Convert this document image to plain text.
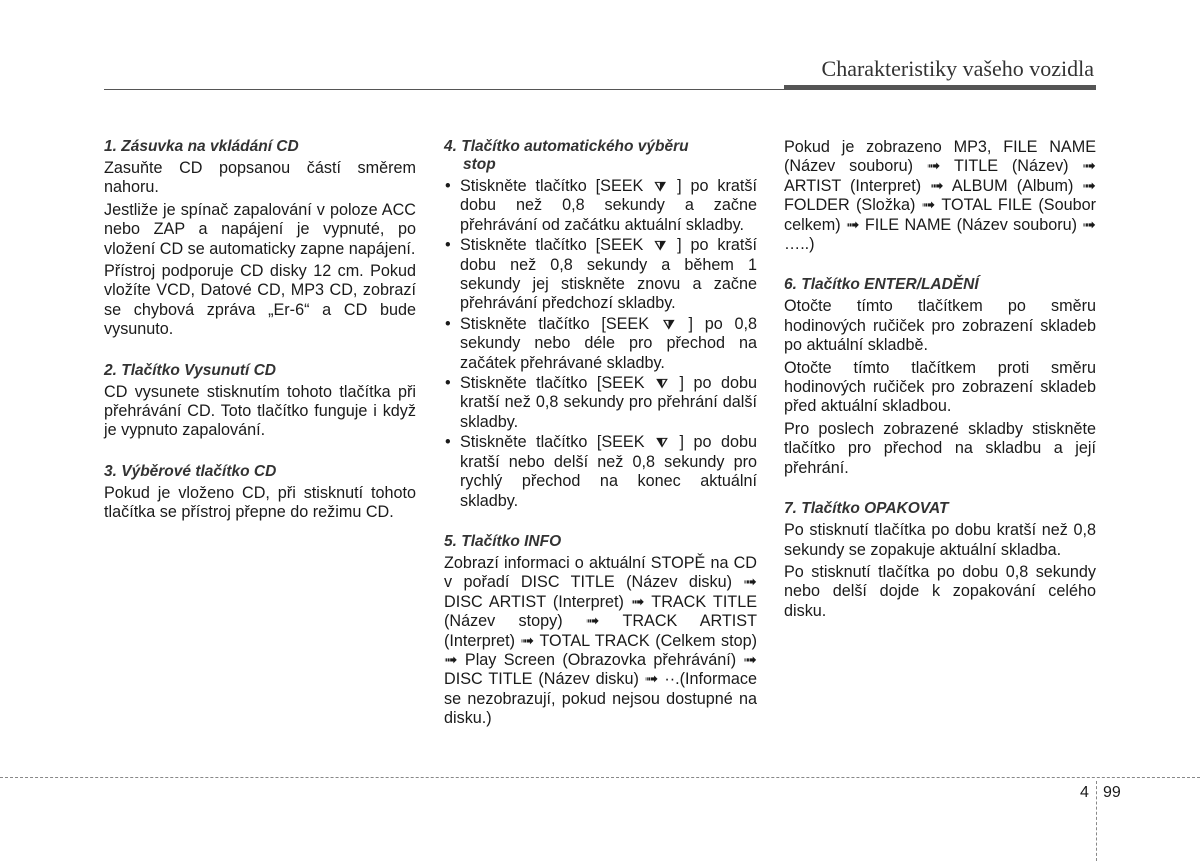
Charakteristiky vašeho vozidla
1. Zásuvka na vkládání CD

Zasuňte CD popsanou částí směrem nahoru.

Jestliže je spínač zapalování v poloze ACC nebo ZAP a napájení je vypnuté, po vložení CD se automaticky zapne napájení.

Přístroj podporuje CD disky 12 cm. Pokud vložíte VCD, Datové CD, MP3 CD, zobrazí se chybová zpráva „Er-6“ a CD bude vysunuto.

2. Tlačítko Vysunutí CD

CD vysunete stisknutím tohoto tlačítka při přehrávání CD. Toto tlačítko funguje i když je vypnuto zapalování.

3. Výběrové tlačítko CD

Pokud je vloženo CD, při stisknutí tohoto tlačítka se přístroj přepne do režimu CD.

4. Tlačítko automatického výběru
stop
• Stiskněte tlačítko [SEEK ⧩ ] po kratší dobu než 0,8 sekundy a začne přehrávání od začátku aktuální skladby.
• Stiskněte tlačítko [SEEK ⧩ ] po kratší dobu než 0,8 sekundy a během 1 sekundy jej stiskněte znovu a začne přehrávání předchozí skladby.
• Stiskněte tlačítko [SEEK ⧩ ] po 0,8 sekundy nebo déle pro přechod na začátek přehrávané skladby.
• Stiskněte tlačítko [SEEK ⧨ ] po dobu kratší než 0,8 sekundy pro přehrání další skladby.
• Stiskněte tlačítko [SEEK ⧨ ] po dobu kratší nebo delší než 0,8 sekundy pro rychlý přechod na konec aktuální skladby.
5. Tlačítko INFO

Zobrazí informaci o aktuální STOPĚ na CD v pořadí DISC TITLE (Název disku) ➟ DISC ARTIST (Interpret) ➟ TRACK TITLE (Název stopy) ➟ TRACK ARTIST (Interpret) ➟ TOTAL TRACK (Celkem stop) ➟ Play Screen (Obrazovka přehrávání) ➟ DISC TITLE (Název disku) ➟ ··.(Informace se nezobrazují, pokud nejsou dostupné na disku.)

Pokud je zobrazeno MP3, FILE NAME (Název souboru) ➟ TITLE (Název) ➟ ARTIST (Interpret) ➟ ALBUM (Album) ➟ FOLDER (Složka) ➟ TOTAL FILE (Soubor celkem) ➟ FILE NAME (Název souboru) ➟ …..)

6. Tlačítko ENTER/LADĚNÍ

Otočte tímto tlačítkem po směru hodinových ručiček pro zobrazení skladeb po aktuální skladbě.

Otočte tímto tlačítkem proti směru hodinových ručiček pro zobrazení skladeb před aktuální skladbou.

Pro poslech zobrazené skladby stiskněte tlačítko pro přechod na skladbu a její přehrání.

7. Tlačítko OPAKOVAT

Po stisknutí tlačítka po dobu kratší než 0,8 sekundy se zopakuje aktuální skladba.

Po stisknutí tlačítka po dobu 0,8 sekundy nebo delší dojde k zopakování celého disku.

4 99
